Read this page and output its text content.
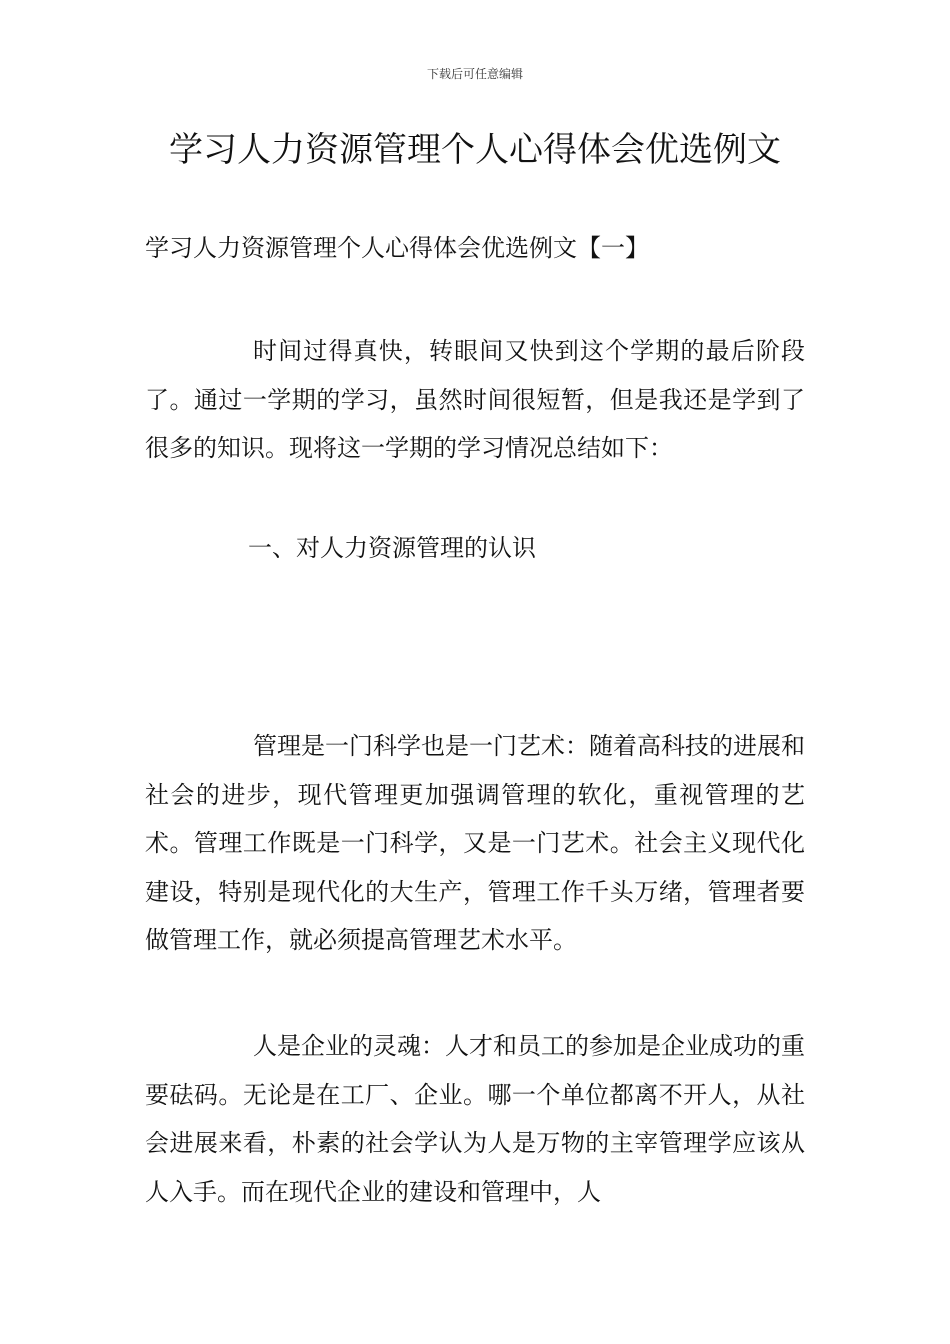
下载后可任意编辑
学习人力资源管理个人心得体会优选例文
学习人力资源管理个人心得体会优选例文【一】

时间过得真快，转眼间又快到这个学期的最后阶段了。通过一学期的学习，虽然时间很短暂，但是我还是学到了很多的知识。现将这一学期的学习情况总结如下：

一、对人力资源管理的认识

管理是一门科学也是一门艺术：随着高科技的进展和社会的进步，现代管理更加强调管理的软化，重视管理的艺术。管理工作既是一门科学，又是一门艺术。社会主义现代化建设，特别是现代化的大生产，管理工作千头万绪，管理者要做管理工作，就必须提高管理艺术水平。

人是企业的灵魂：人才和员工的参加是企业成功的重要砝码。无论是在工厂、企业。哪一个单位都离不开人，从社会进展来看，朴素的社会学认为人是万物的主宰管理学应该从人入手。而在现代企业的建设和管理中，人
